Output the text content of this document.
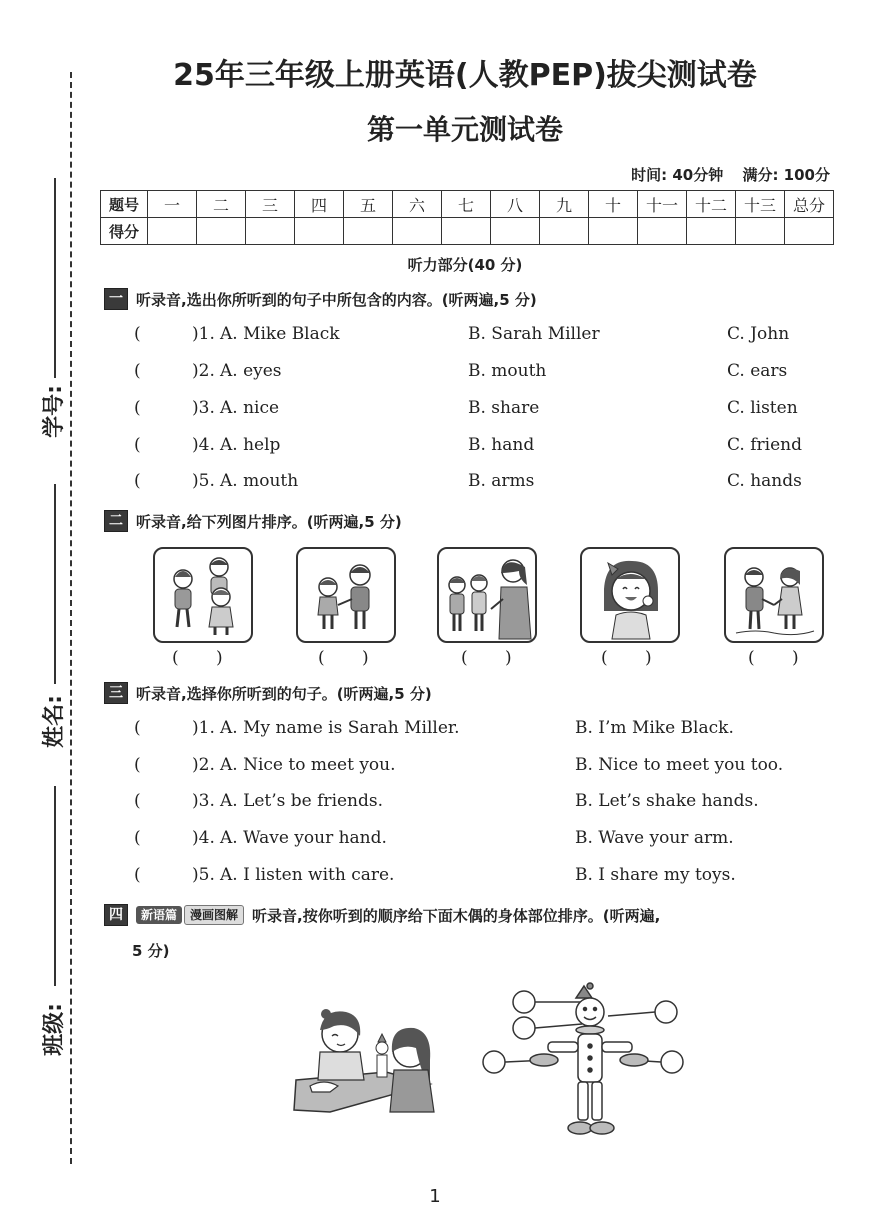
学号:
姓名:
班级:
25年三年级上册英语(人教PEP)拔尖测试卷
第一单元测试卷
时间: 40分钟 满分: 100分
题号	一	二	三	四	五	六	七	八	九	十	十一	十二	十三	总分
得分														
听力部分(40 分)
一 听录音,选出你所听到的句子中所包含的内容。(听两遍,5 分)
(	)1. A. Mike Black	B. Sarah Miller	C. John
(	)2. A. eyes	B. mouth	C. ears
(	)3. A. nice	B. share	C. listen
(	)4. A. help	B. hand	C. friend
(	)5. A. mouth	B. arms	C. hands
二 听录音,给下列图片排序。(听两遍,5 分)
( )	( )	( )	( )	( )
三 听录音,选择你所听到的句子。(听两遍,5 分)
(	)1. A. My name is Sarah Miller.	B. I’m Mike Black.
(	)2. A. Nice to meet you.	B. Nice to meet you too.
(	)3. A. Let’s be friends.	B. Let’s shake hands.
(	)4. A. Wave your hand.	B. Wave your arm.
(	)5. A. I listen with care.	B. I share my toys.
四	新语篇	漫画图解 听录音,按你听到的顺序给下面木偶的身体部位排序。(听两遍,
5 分)
1
